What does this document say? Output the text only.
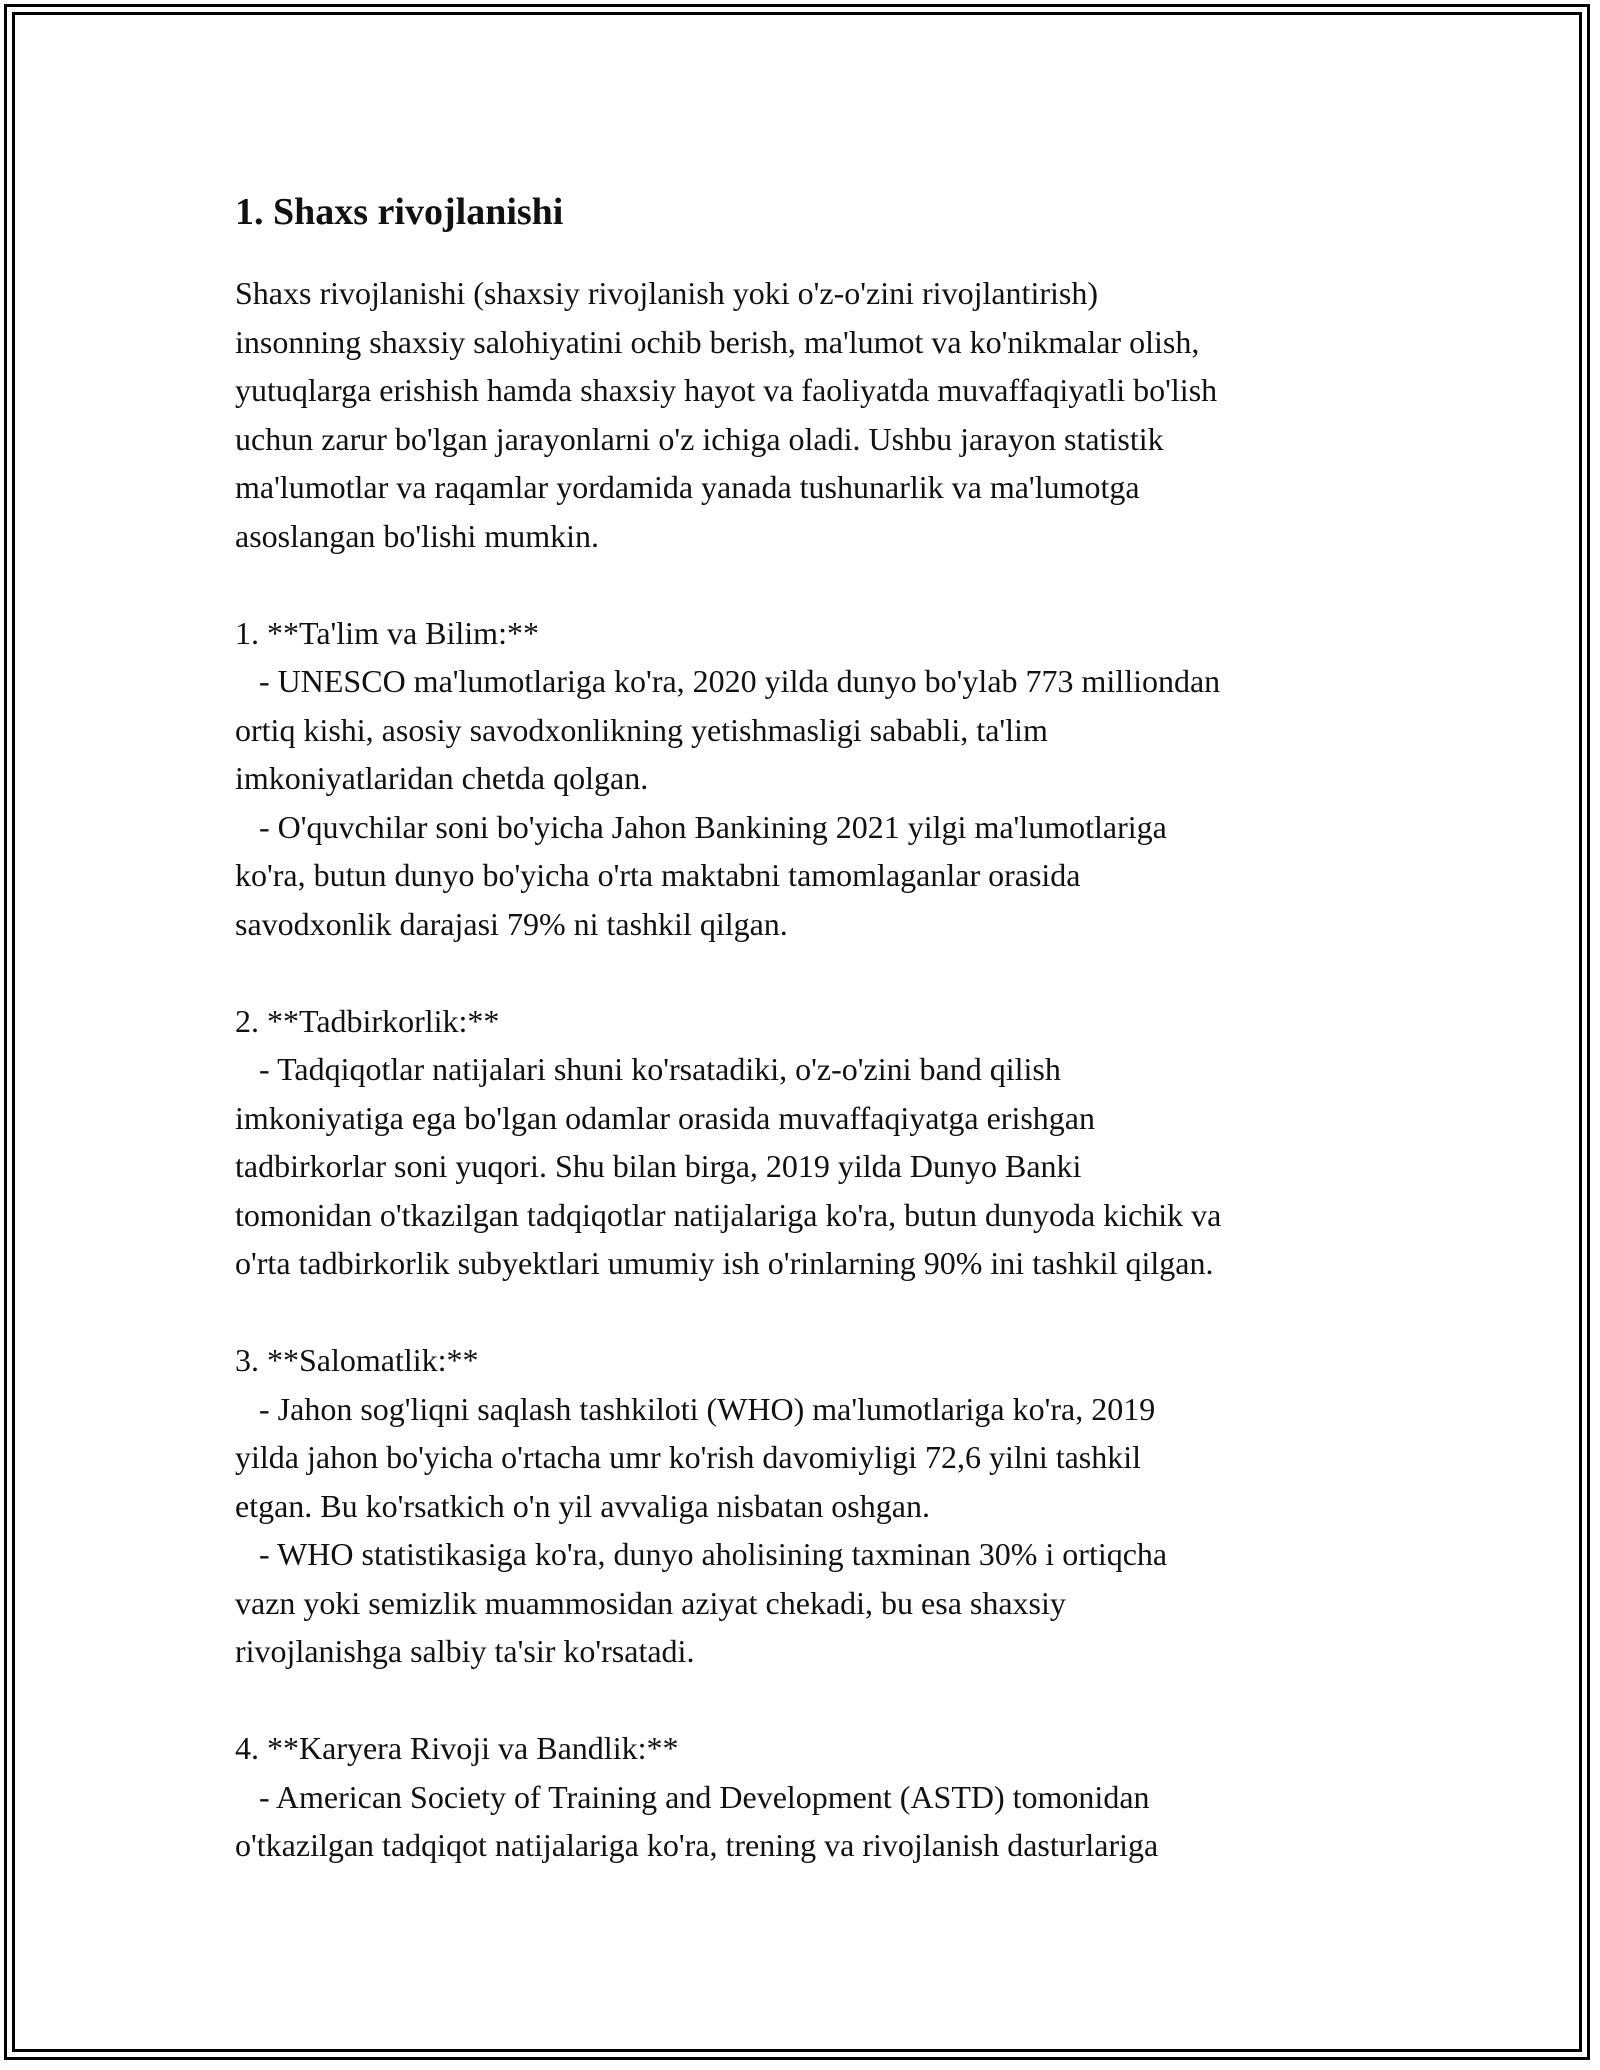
1. Shaxs rivojlanishi

Shaxs rivojlanishi (shaxsiy rivojlanish yoki o'z-o'zini rivojlantirish)

insonning shaxsiy salohiyatini ochib berish, ma'lumot va ko'nikmalar olish,

yutuqlarga erishish hamda shaxsiy hayot va faoliyatda muvaffaqiyatli bo'lish

uchun zarur bo'lgan jarayonlarni o'z ichiga oladi. Ushbu jarayon statistik

ma'lumotlar va raqamlar yordamida yanada tushunarlik va ma'lumotga

asoslangan bo'lishi mumkin.

1. **Ta'lim va Bilim:**

- UNESCO ma'lumotlariga ko'ra, 2020 yilda dunyo bo'ylab 773 milliondan

ortiq kishi, asosiy savodxonlikning yetishmasligi sababli, ta'lim

imkoniyatlaridan chetda qolgan.

- O'quvchilar soni bo'yicha Jahon Bankining 2021 yilgi ma'lumotlariga

ko'ra, butun dunyo bo'yicha o'rta maktabni tamomlaganlar orasida

savodxonlik darajasi 79% ni tashkil qilgan.

2. **Tadbirkorlik:**

- Tadqiqotlar natijalari shuni ko'rsatadiki, o'z-o'zini band qilish

imkoniyatiga ega bo'lgan odamlar orasida muvaffaqiyatga erishgan

tadbirkorlar soni yuqori. Shu bilan birga, 2019 yilda Dunyo Banki

tomonidan o'tkazilgan tadqiqotlar natijalariga ko'ra, butun dunyoda kichik va

o'rta tadbirkorlik subyektlari umumiy ish o'rinlarning 90% ini tashkil qilgan.

3. **Salomatlik:**

- Jahon sog'liqni saqlash tashkiloti (WHO) ma'lumotlariga ko'ra, 2019

yilda jahon bo'yicha o'rtacha umr ko'rish davomiyligi 72,6 yilni tashkil

etgan. Bu ko'rsatkich o'n yil avvaliga nisbatan oshgan.

- WHO statistikasiga ko'ra, dunyo aholisining taxminan 30% i ortiqcha

vazn yoki semizlik muammosidan aziyat chekadi, bu esa shaxsiy

rivojlanishga salbiy ta'sir ko'rsatadi.

4. **Karyera Rivoji va Bandlik:**

- American Society of Training and Development (ASTD) tomonidan

o'tkazilgan tadqiqot natijalariga ko'ra, trening va rivojlanish dasturlariga
